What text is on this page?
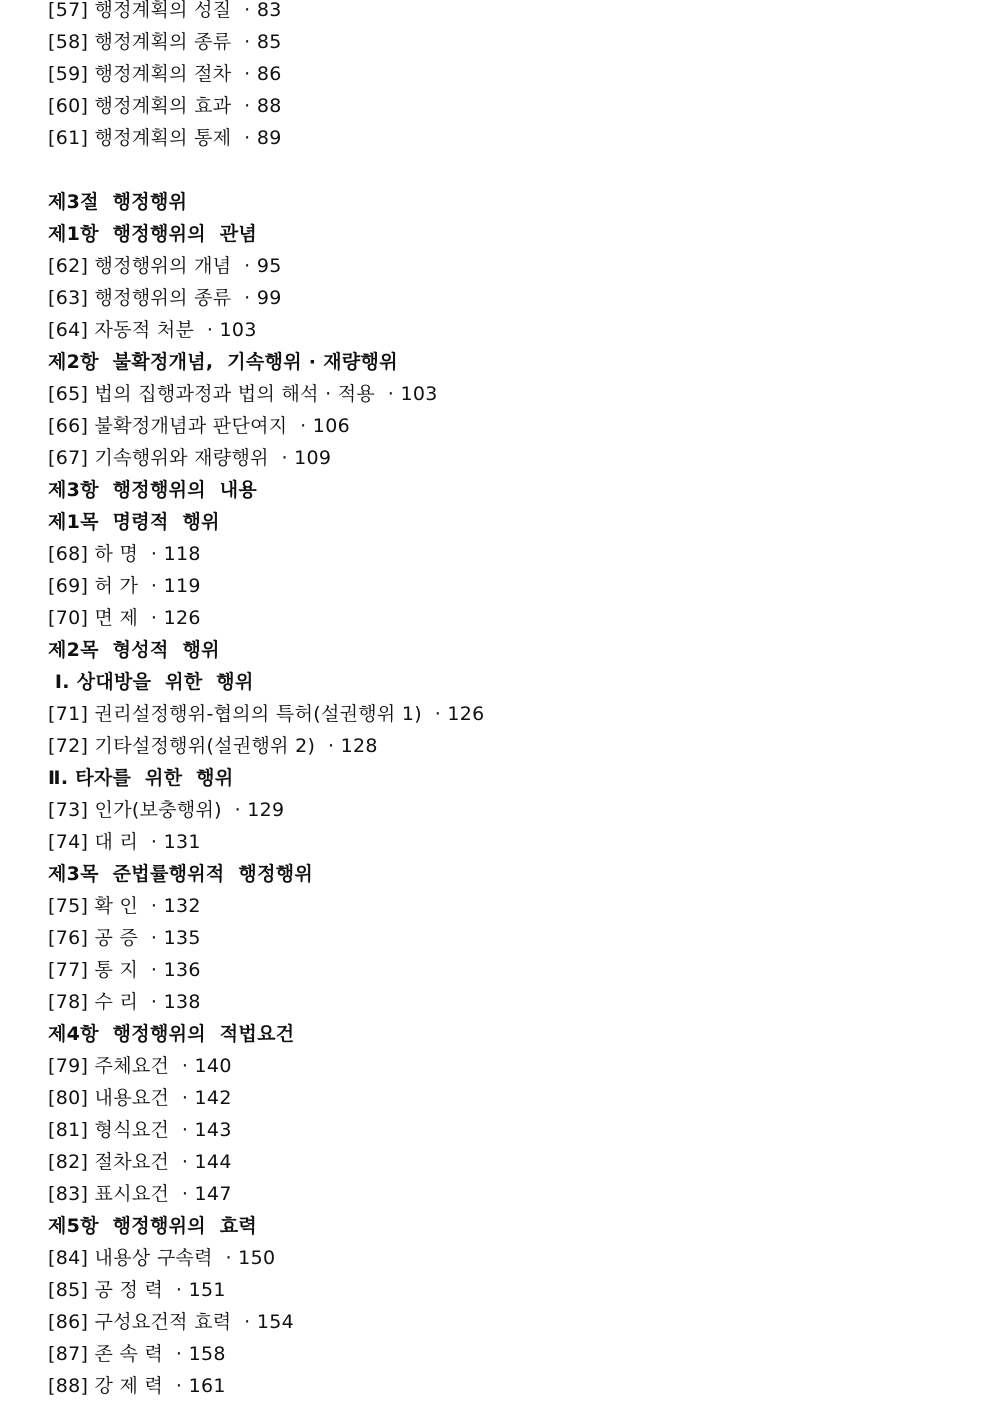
[57] 행정계획의 성질 · 83
[58] 행정계획의 종류 · 85
[59] 행정계획의 절차 · 86
[60] 행정계획의 효과 · 88
[61] 행정계획의 통제 · 89
제3절  행정행위
제1항  행정행위의  관념
[62] 행정행위의 개념 · 95
[63] 행정행위의 종류 · 99
[64] 자동적 처분 · 103
제2항  불확정개념,  기속행위 · 재량행위
[65] 법의 집행과정과 법의 해석 · 적용 · 103
[66] 불확정개념과 판단여지 · 106
[67] 기속행위와 재량행위 · 109
제3항  행정행위의  내용
제1목  명령적  행위
[68] 하 명 · 118
[69] 허 가 · 119
[70] 면 제 · 126
제2목  형성적  행위
Ⅰ. 상대방을  위한  행위
[71] 권리설정행위-협의의 특허(설권행위 1) · 126
[72] 기타설정행위(설권행위 2) · 128
Ⅱ. 타자를  위한  행위
[73] 인가(보충행위) · 129
[74] 대 리 · 131
제3목  준법률행위적  행정행위
[75] 확 인 · 132
[76] 공 증 · 135
[77] 통 지 · 136
[78] 수 리 · 138
제4항  행정행위의  적법요건
[79] 주체요건 · 140
[80] 내용요건 · 142
[81] 형식요건 · 143
[82] 절차요건 · 144
[83] 표시요건 · 147
제5항  행정행위의  효력
[84] 내용상 구속력 · 150
[85] 공 정 력 · 151
[86] 구성요건적 효력 · 154
[87] 존 속 력 · 158
[88] 강 제 력 · 161
